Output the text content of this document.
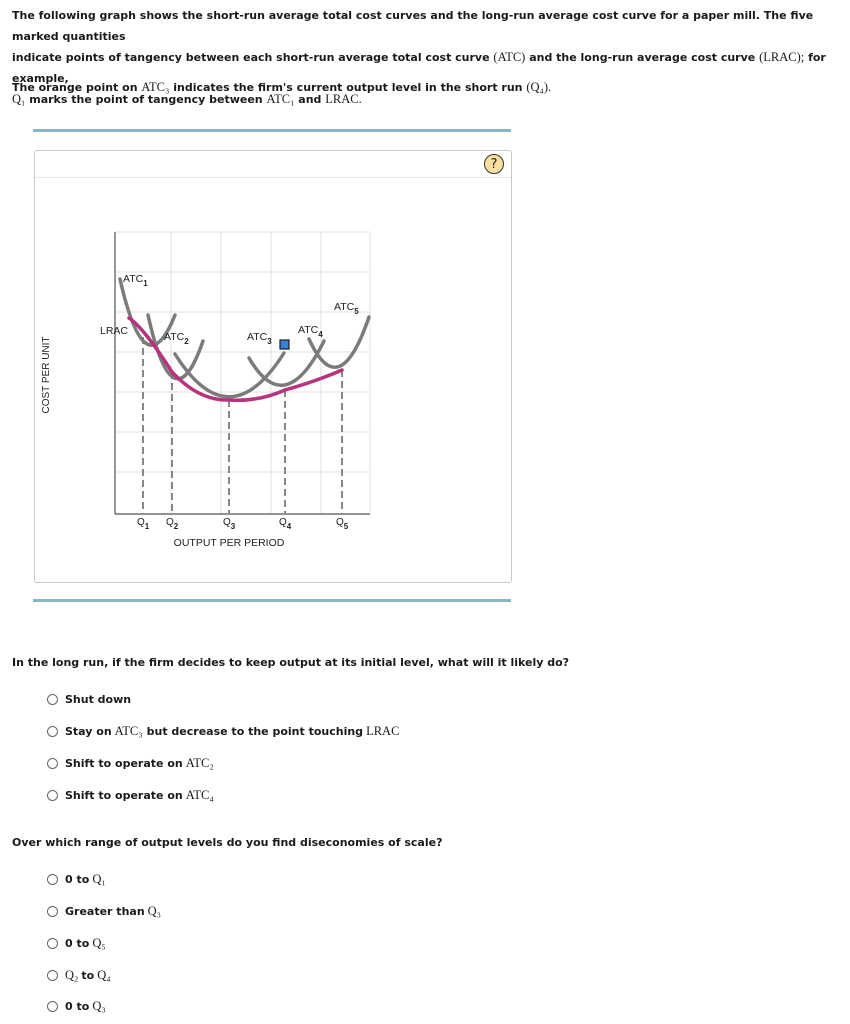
The following graph shows the short-run average total cost curves and the long-run average cost curve for a paper mill. The five marked quantities
indicate points of tangency between each short-run average total cost curve (ATC) and the long-run average cost curve (LRAC); for example,
Q₁ marks the point of tangency between ATC₁ and LRAC.
The orange point on ATC₃ indicates the firm's current output level in the short run (Q₄).
?
$ATC_1$
$ATC_2$	$ATC_3$
$ATC_4$
$ATC_5$
LRAC
$Q_1$ $Q_2$	$Q_3$	$Q_4$	$Q_5$
OUTPUT PER PERIOD
COST PER UNIT
In the long run, if the firm decides to keep output at its initial level, what will it likely do?
Shut down
Stay on ATC₃ but decrease to the point touching LRAC
Shift to operate on ATC₂
Shift to operate on ATC₄
Over which range of output levels do you find diseconomies of scale?
0 to Q₁
Greater than Q₃
0 to Q₅
Q₂ to Q₄
0 to Q₃
